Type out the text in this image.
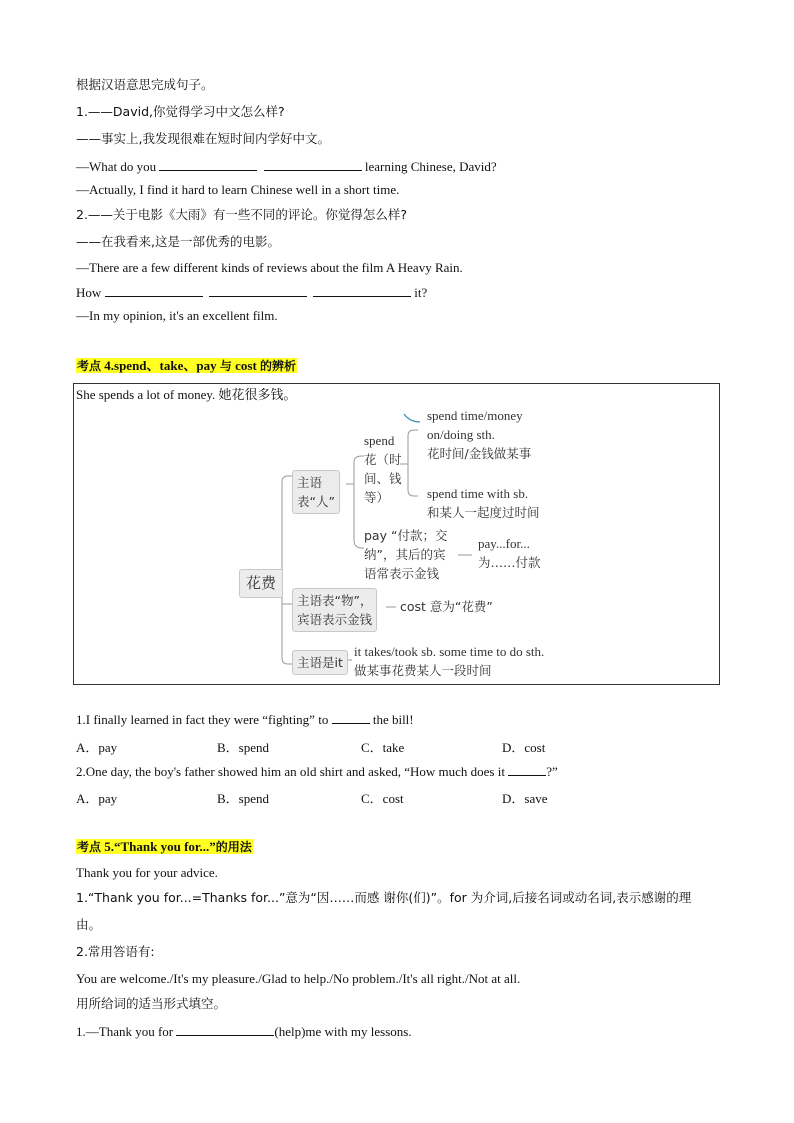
根据汉语意思完成句子。
1.——David,你觉得学习中文怎么样?
——事实上,我发现很难在短时间内学好中文。
—What do you	learning Chinese, David?
—Actually, I find it hard to learn Chinese well in a short time.
2.——关于电影《大雨》有一些不同的评论。你觉得怎么样?
——在我看来,这是一部优秀的电影。
—There are a few different kinds of reviews about the film A Heavy Rain.
How	it?
—In my opinion, it's an excellent film.
考点 4.spend、take、pay 与 cost 的辨析
She spends a lot of money. 她花很多钱。
花费
主语
表“人”
spend
花（时
间、钱
等）
spend time/money
on/doing sth.
花时间/金钱做某事
spend time with sb.
和某人一起度过时间
pay “付款；交
纳”，其后的宾
语常表示金钱
pay...for...
为……付款
主语表“物”，
宾语表示金钱
cost 意为“花费”
主语是it
it takes/took sb. some time to do sth.
做某事花费某人一段时间
1.I finally learned in fact they were “fighting” to	the bill!
A．pay	B．spend	C．take	D．cost
2.One day, the boy's father showed him an old shirt and asked, “How much does it	?”
A．pay	B．spend	C．cost	D．save
考点 5.“Thank you for...”的用法
Thank you for your advice.
1.“Thank you for...=Thanks for...”意为“因……而感 谢你(们)”。for 为介词,后接名词或动名词,表示感谢的理
由。
2.常用答语有:
You are welcome./It's my pleasure./Glad to help./No problem./It's all right./Not at all.
用所给词的适当形式填空。
1.—Thank you for	(help)me with my lessons.
